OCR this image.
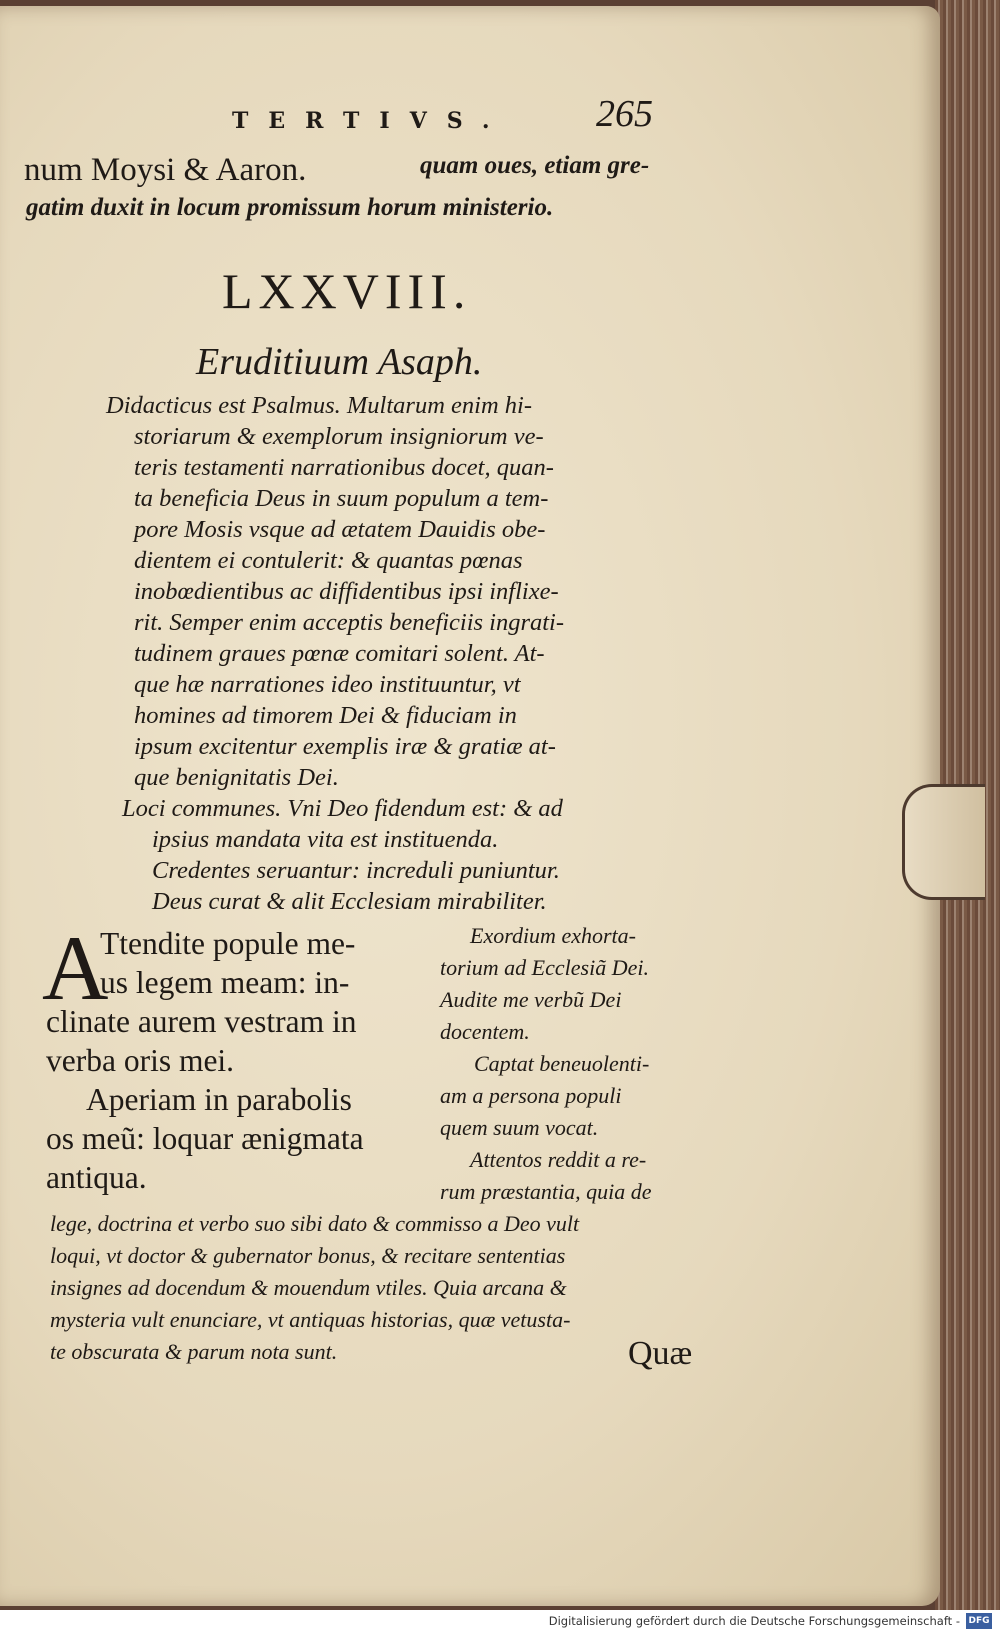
TERTIVS. 265
num Moysi & Aaron.	quam oues, etiam gre-
gatim duxit in locum promissum horum ministerio.
LXXVIII.
Eruditiuum Asaph.
Didacticus est Psalmus. Multarum enim hi-
storiarum & exemplorum insigniorum ve-
teris testamenti narrationibus docet, quan-
ta beneficia Deus in suum populum a tem-
pore Mosis vsque ad ætatem Dauidis obe-
dientem ei contulerit: & quantas pœnas
inobœdientibus ac diffidentibus ipsi inflixe-
rit. Semper enim acceptis beneficiis ingrati-
tudinem graues pœnæ comitari solent. At-
que hæ narrationes ideo instituuntur, vt
homines ad timorem Dei & fiduciam in
ipsum excitentur exemplis iræ & gratiæ at-
que benignitatis Dei.
Loci communes. Vni Deo fidendum est: & ad
ipsius mandata vita est instituenda.
Credentes seruantur: increduli puniuntur.
Deus curat & alit Ecclesiam mirabiliter.
A
Ttendite popule me-
us legem meam: in-
clinate aurem vestram in
verba oris mei.
Aperiam in parabolis
os meũ: loquar ænigmata
antiqua.
Exordium exhorta-
torium ad Ecclesiã Dei.
Audite me verbũ Dei
docentem.
Captat beneuolenti-
am a persona populi
quem suum vocat.
Attentos reddit a re-
rum præstantia, quia de
lege, doctrina et verbo suo sibi dato & commisso a Deo vult
loqui, vt doctor & gubernator bonus, & recitare sententias
insignes ad docendum & mouendum vtiles. Quia arcana &
mysteria vult enunciare, vt antiquas historias, quæ vetusta-
te obscurata & parum nota sunt.	Quæ
Digitalisierung gefördert durch die Deutsche Forschungsgemeinschaft - DFG
